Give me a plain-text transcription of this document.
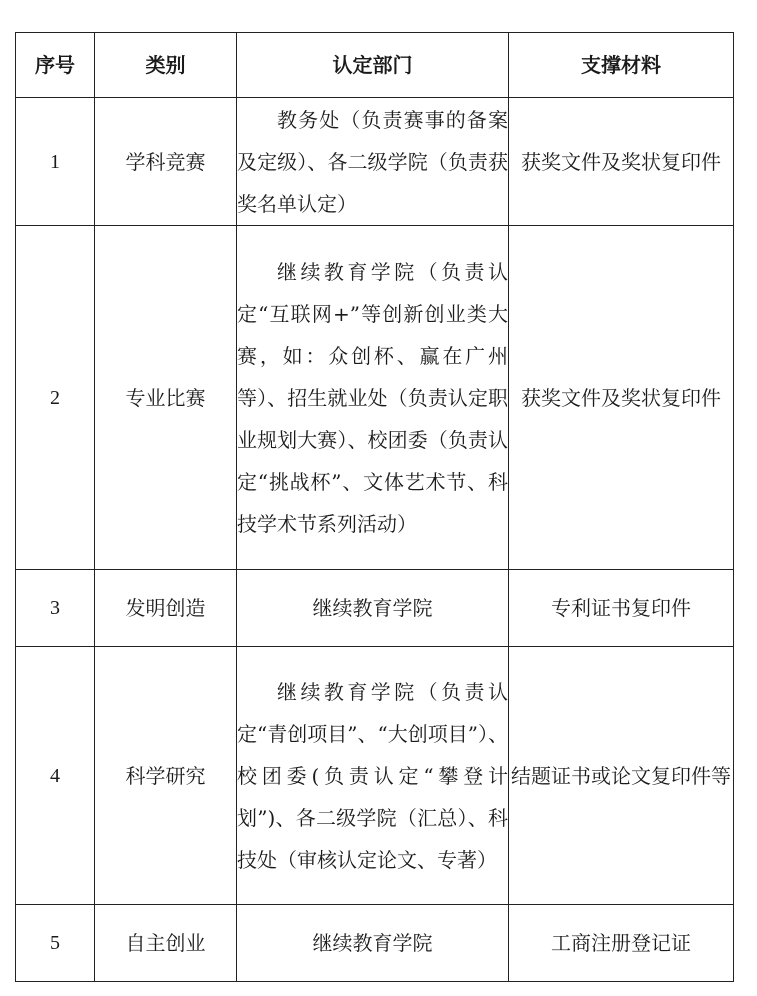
序号	类别	认定部门	支撑材料
1	学科竞赛	教务处（负责赛事的备案及定级）、各二级学院（负责获奖名单认定）	获奖文件及奖状复印件
2	专业比赛	继续教育学院（负责认定“互联网+”等创新创业类大赛，如：众创杯、赢在广州等）、招生就业处（负责认定职业规划大赛）、校团委（负责认定“挑战杯”、文体艺术节、科技学术节系列活动）	获奖文件及奖状复印件
3	发明创造	继续教育学院	专利证书复印件
4	科学研究	继续教育学院（负责认定“青创项目”、“大创项目”）、校团委(负责认定“攀登计划”)、各二级学院（汇总）、科技处（审核认定论文、专著）	结题证书或论文复印件等
5	自主创业	继续教育学院	工商注册登记证
